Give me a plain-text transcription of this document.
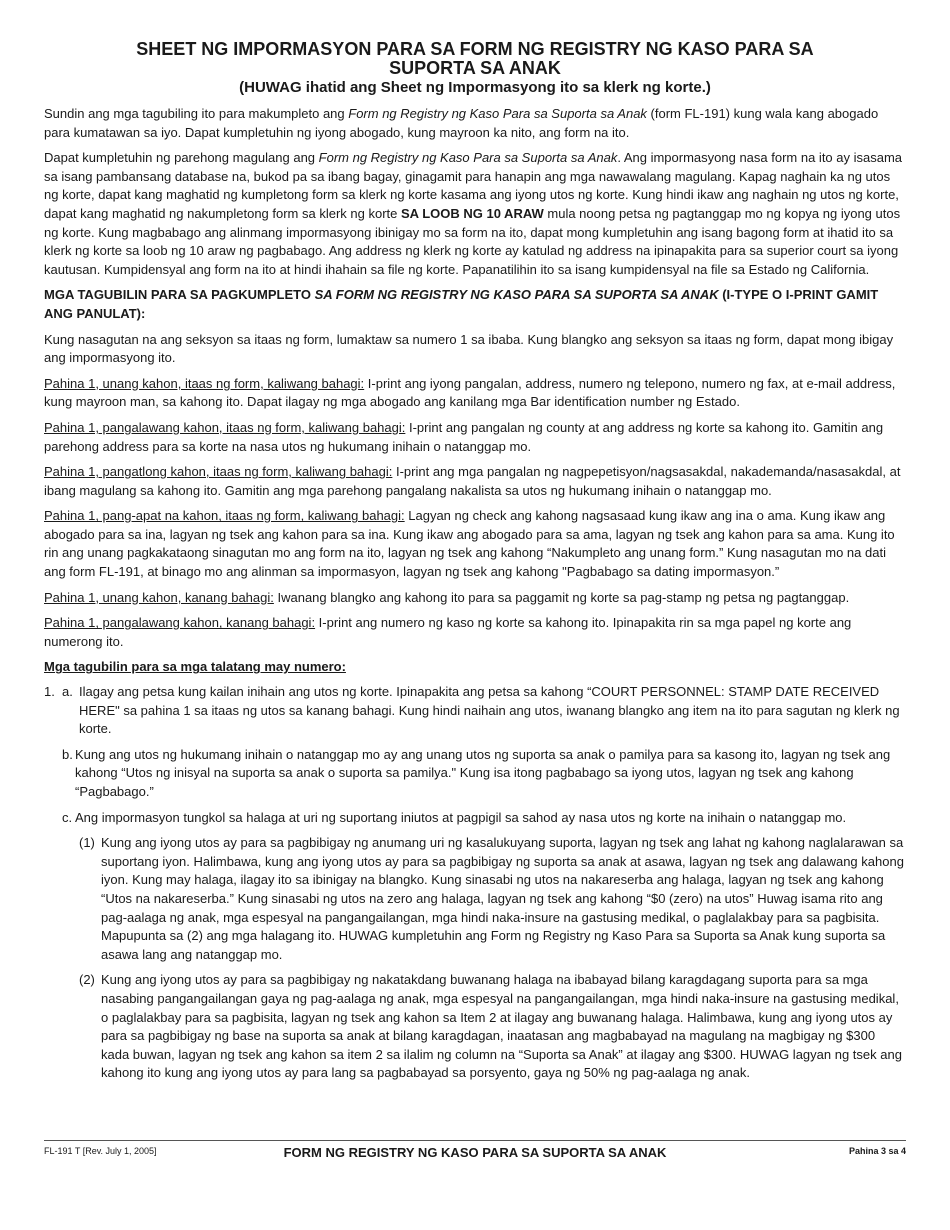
SHEET NG IMPORMASYON PARA SA FORM NG REGISTRY NG KASO PARA SA SUPORTA SA ANAK
(HUWAG ihatid ang Sheet ng Impormasyong ito sa klerk ng korte.)

Sundin ang mga tagubiling ito para makumpleto ang Form ng Registry ng Kaso Para sa Suporta sa Anak (form FL-191) kung wala kang abogado para kumatawan sa iyo. Dapat kumpletuhin ng iyong abogado, kung mayroon ka nito, ang form na ito.

Dapat kumpletuhin ng parehong magulang ang Form ng Registry ng Kaso Para sa Suporta sa Anak. Ang impormasyong nasa form na ito ay isasama sa isang pambansang database na, bukod pa sa ibang bagay, ginagamit para hanapin ang mga nawawalang magulang. Kapag naghain ka ng utos ng korte, dapat kang maghatid ng kumpletong form sa klerk ng korte kasama ang iyong utos ng korte. Kung hindi ikaw ang naghain ng utos ng korte, dapat kang maghatid ng nakumpletong form sa klerk ng korte SA LOOB NG 10 ARAW mula noong petsa ng pagtanggap mo ng kopya ng iyong utos ng korte. Kung magbabago ang alinmang impormasyong ibinigay mo sa form na ito, dapat mong kumpletuhin ang isang bagong form at ihatid ito sa klerk ng korte sa loob ng 10 araw ng pagbabago. Ang address ng klerk ng korte ay katulad ng address na ipinapakita para sa superior court sa iyong kautusan. Kumpidensyal ang form na ito at hindi ihahain sa file ng korte. Papanatilihin ito sa isang kumpidensyal na file sa Estado ng California.

MGA TAGUBILIN PARA SA PAGKUMPLETO SA FORM NG REGISTRY NG KASO PARA SA SUPORTA SA ANAK (I-TYPE O I-PRINT GAMIT ANG PANULAT):

Kung nasagutan na ang seksyon sa itaas ng form, lumaktaw sa numero 1 sa ibaba. Kung blangko ang seksyon sa itaas ng form, dapat mong ibigay ang impormasyong ito.

Pahina 1, unang kahon, itaas ng form, kaliwang bahagi: I-print ang iyong pangalan, address, numero ng telepono, numero ng fax, at e-mail address, kung mayroon man, sa kahong ito. Dapat ilagay ng mga abogado ang kanilang mga Bar identification number ng Estado.

Pahina 1, pangalawang kahon, itaas ng form, kaliwang bahagi: I-print ang pangalan ng county at ang address ng korte sa kahong ito. Gamitin ang parehong address para sa korte na nasa utos ng hukumang inihain o natanggap mo.

Pahina 1, pangatlong kahon, itaas ng form, kaliwang bahagi: I-print ang mga pangalan ng nagpepetisyon/nagsasakdal, nakademanda/nasasakdal, at ibang magulang sa kahong ito. Gamitin ang mga parehong pangalang nakalista sa utos ng hukumang inihain o natanggap mo.

Pahina 1, pang-apat na kahon, itaas ng form, kaliwang bahagi: Lagyan ng check ang kahong nagsasaad kung ikaw ang ina o ama. Kung ikaw ang abogado para sa ina, lagyan ng tsek ang kahon para sa ina. Kung ikaw ang abogado para sa ama, lagyan ng tsek ang kahon para sa ama. Kung ito rin ang unang pagkakataong sinagutan mo ang form na ito, lagyan ng tsek ang kahong “Nakumpleto ang unang form.” Kung nasagutan mo na dati ang form FL-191, at binago mo ang alinman sa impormasyon, lagyan ng tsek ang kahong "Pagbabago sa dating impormasyon.”

Pahina 1, unang kahon, kanang bahagi: Iwanang blangko ang kahong ito para sa paggamit ng korte sa pag-stamp ng petsa ng pagtanggap.

Pahina 1, pangalawang kahon, kanang bahagi: I-print ang numero ng kaso ng korte sa kahong ito. Ipinapakita rin sa mga papel ng korte ang numerong ito.

Mga tagubilin para sa mga talatang may numero:

1. a. Ilagay ang petsa kung kailan inihain ang utos ng korte. Ipinapakita ang petsa sa kahong “COURT PERSONNEL: STAMP DATE RECEIVED HERE" sa pahina 1 sa itaas ng utos sa kanang bahagi. Kung hindi naihain ang utos, iwanang blangko ang item na ito para sagutan ng klerk ng korte.
b. Kung ang utos ng hukumang inihain o natanggap mo ay ang unang utos ng suporta sa anak o pamilya para sa kasong ito, lagyan ng tsek ang kahong “Utos ng inisyal na suporta sa anak o suporta sa pamilya." Kung isa itong pagbabago sa iyong utos, lagyan ng tsek ang kahong “Pagbabago.”
c. Ang impormasyon tungkol sa halaga at uri ng suportang iniutos at pagpigil sa sahod ay nasa utos ng korte na inihain o natanggap mo.
(1) Kung ang iyong utos ay para sa pagbibigay ng anumang uri ng kasalukuyang suporta, lagyan ng tsek ang lahat ng kahong naglalarawan sa suportang iyon. Halimbawa, kung ang iyong utos ay para sa pagbibigay ng suporta sa anak at asawa, lagyan ng tsek ang dalawang kahong iyon. Kung may halaga, ilagay ito sa ibinigay na blangko. Kung sinasabi ng utos na nakareserba ang halaga, lagyan ng tsek ang kahong “Utos na nakareserba.” Kung sinasabi ng utos na zero ang halaga, lagyan ng tsek ang kahong “$0 (zero) na utos” Huwag isama rito ang pag-aalaga ng anak, mga espesyal na pangangailangan, mga hindi naka-insure na gastusing medikal, o paglalakbay para sa pagbisita. Mapupunta sa (2) ang mga halagang ito. HUWAG kumpletuhin ang Form ng Registry ng Kaso Para sa Suporta sa Anak kung suporta sa asawa lang ang natanggap mo.
(2) Kung ang iyong utos ay para sa pagbibigay ng nakatakdang buwanang halaga na ibabayad bilang karagdagang suporta para sa mga nasabing pangangailangan gaya ng pag-aalaga ng anak, mga espesyal na pangangailangan, mga hindi naka-insure na gastusing medikal, o paglalakbay para sa pagbisita, lagyan ng tsek ang kahon sa Item 2 at ilagay ang buwanang halaga. Halimbawa, kung ang iyong utos ay para sa pagbibigay ng base na suporta sa anak at bilang karagdagan, inaatasan ang magbabayad na magulang na magbigay ng $300 kada buwan, lagyan ng tsek ang kahon sa item 2 sa ilalim ng column na “Suporta sa Anak” at ilagay ang $300. HUWAG lagyan ng tsek ang kahong ito kung ang iyong utos ay para lang sa pagbabayad sa porsyento, gaya ng 50% ng pag-aalaga ng anak.
FL-191 T [Rev. July 1, 2005]	FORM NG REGISTRY NG KASO PARA SA SUPORTA SA ANAK	Pahina 3 sa 4
